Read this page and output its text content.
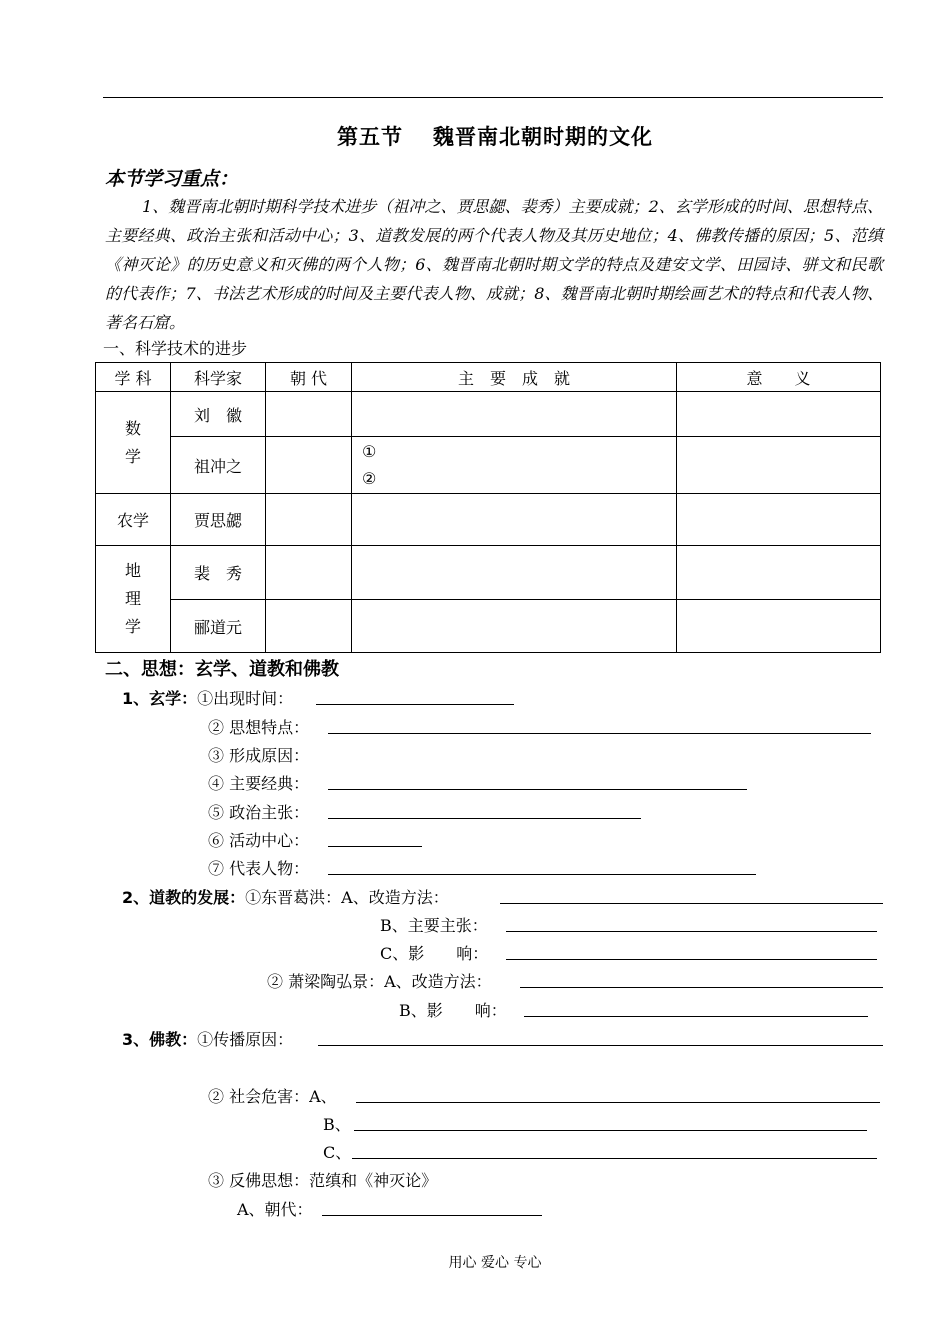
第五节 魏晋南北朝时期的文化
本节学习重点：
1、魏晋南北朝时期科学技术进步（祖冲之、贾思勰、裴秀）主要成就；2、玄学形成的时间、思想特点、主要经典、政治主张和活动中心；3、道教发展的两个代表人物及其历史地位；4、佛教传播的原因；5、范缜《神灭论》的历史意义和灭佛的两个人物；6、魏晋南北朝时期文学的特点及建安文学、田园诗、骈文和民歌的代表作；7、书法艺术形成的时间及主要代表人物、成就；8、魏晋南北朝时期绘画艺术的特点和代表人物、著名石窟。
一、科学技术的进步
学 科	科学家	朝 代	主　要　成　就	意　　义
数学	刘　徽			
	祖冲之		①
②	
农学	贾思勰			
地理学	裴　秀			
	郦道元			
二、思想：玄学、道教和佛教
1、玄学：①出现时间：
② 思想特点：
③ 形成原因：
④ 主要经典：
⑤ 政治主张：
⑥ 活动中心：
⑦ 代表人物：
2、道教的发展：①东晋葛洪：A、改造方法：
B、主要主张：
C、影　　响：
② 萧梁陶弘景：A、改造方法：
B、影　　响：
3、佛教：①传播原因：
② 社会危害：A、
B、
C、
③ 反佛思想：范缜和《神灭论》
A、朝代：
用心 爱心 专心
